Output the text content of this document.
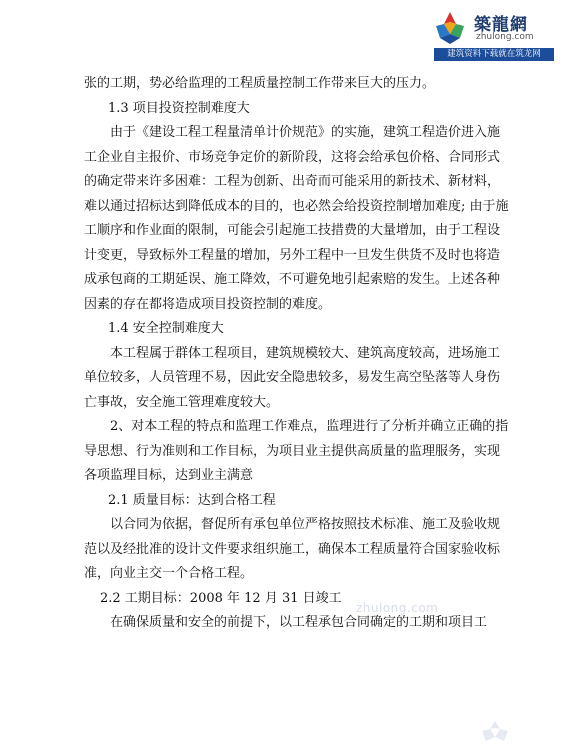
築龍網
zhulong.com
建筑资料下载就在筑龙网

张的工期，势必给监理的工程质量控制工作带来巨大的压力。

1.3 项目投资控制难度大

由于《建设工程工程量清单计价规范》的实施，建筑工程造价进入施工企业自主报价、市场竞争定价的新阶段，这将会给承包价格、合同形式的确定带来许多困难：工程为创新、出奇而可能采用的新技术、新材料，难以通过招标达到降低成本的目的，也必然会给投资控制增加难度; 由于施工顺序和作业面的限制，可能会引起施工技措费的大量增加，由于工程设计变更，导致标外工程量的增加，另外工程中一旦发生供货不及时也将造成承包商的工期延误、施工降效，不可避免地引起索赔的发生。上述各种因素的存在都将造成项目投资控制的难度。

1.4 安全控制难度大

本工程属于群体工程项目，建筑规模较大、建筑高度较高，进场施工单位较多，人员管理不易，因此安全隐患较多，易发生高空坠落等人身伤亡事故，安全施工管理难度较大。

2、对本工程的特点和监理工作难点，监理进行了分析并确立正确的指导思想、行为准则和工作目标，为项目业主提供高质量的监理服务，实现各项监理目标，达到业主满意

2.1 质量目标：达到合格工程

以合同为依据，督促所有承包单位严格按照技术标准、施工及验收规范以及经批准的设计文件要求组织施工，确保本工程质量符合国家验收标准，向业主交一个合格工程。

2.2 工期目标：2008 年 12 月 31 日竣工

在确保质量和安全的前提下，以工程承包合同确定的工期和项目工

zhulong.com
